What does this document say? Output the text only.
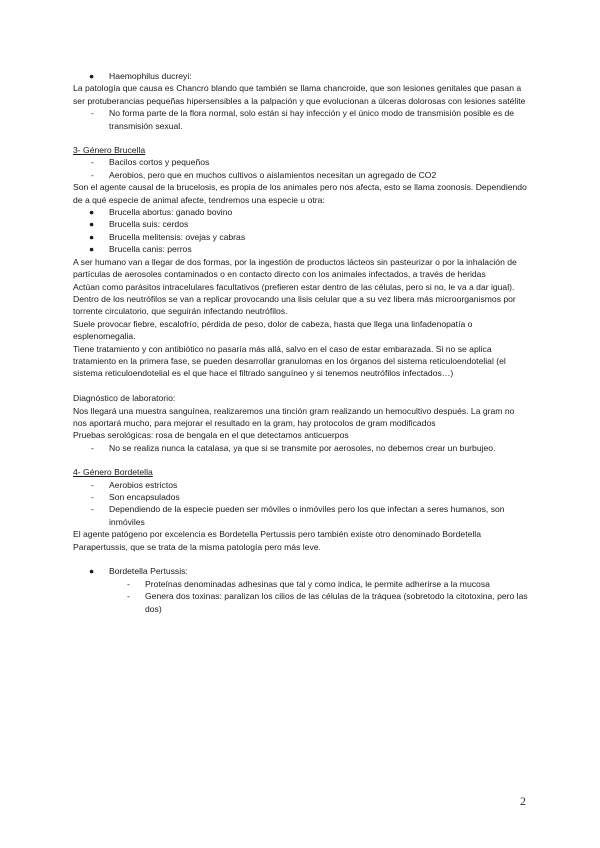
● Haemophilus ducreyi:

La patología que causa es Chancro blando que también se llama chancroide, que son lesiones genitales que pasan a ser protuberancias pequeñas hipersensibles a la palpación y que evolucionan a úlceras dolorosas con lesiones satélite

- No forma parte de la flora normal, solo están si hay infección y el único modo de transmisión posible es de transmisión sexual.

3- Género Brucella

- Bacilos cortos y pequeños
- Aerobios, pero que en muchos cultivos o aislamientos necesitan un agregado de CO2

Son el agente causal de la brucelosis, es propia de los animales pero nos afecta, esto se llama zoonosis. Dependiendo de a qué especie de animal afecte, tendremos una especie u otra:

● Brucella abortus: ganado bovino
● Brucella suis: cerdos
● Brucella melitensis: ovejas y cabras
● Brucella canis: perros

A ser humano van a llegar de dos formas, por la ingestión de productos lácteos sin pasteurizar o por la inhalación de partículas de aerosoles contaminados o en contacto directo con los animales infectados, a través de heridas

Actúan como parásitos intracelulares facultativos (prefieren estar dentro de las células, pero si no, le va a dar igual). Dentro de los neutrófilos se van a replicar provocando una lisis celular que a su vez libera más microorganismos por torrente circulatorio, que seguirán infectando neutrófilos.

Suele provocar fiebre, escalofrío, pérdida de peso, dolor de cabeza, hasta que llega una linfadenopatía o esplenomegalia.

Tiene tratamiento y con antibiótico no pasaría más allá, salvo en el caso de estar embarazada. Si no se aplica tratamiento en la primera fase, se pueden desarrollar granulomas en los órganos del sistema reticuloendotelial (el sistema reticuloendotelial es el que hace el filtrado sanguíneo y si tenemos neutrófilos infectados…)

Diagnóstico de laboratorio:

Nos llegará una muestra sanguínea, realizaremos una tinción gram realizando un hemocultivo después. La gram no nos aportará mucho, para mejorar el resultado en la gram, hay protocolos de gram modificados

Pruebas serológicas: rosa de bengala en el que detectamos anticuerpos

- No se realiza nunca la catalasa, ya que si se transmite por aerosoles, no debemos crear un burbujeo.

4- Género Bordetella

- Aerobios estrictos
- Son encapsulados
- Dependiendo de la especie pueden ser móviles o inmóviles pero los que infectan a seres humanos, son inmóviles

El agente patógeno por excelencia es Bordetella Pertussis pero también existe otro denominado Bordetella Parapertussis, que se trata de la misma patología pero más leve.

● Bordetella Pertussis:
- Proteínas denominadas adhesinas que tal y como indica, le permite adherirse a la mucosa
- Genera dos toxinas: paralizan los cilios de las células de la tráquea (sobretodo la citotoxina, pero las dos)
2
